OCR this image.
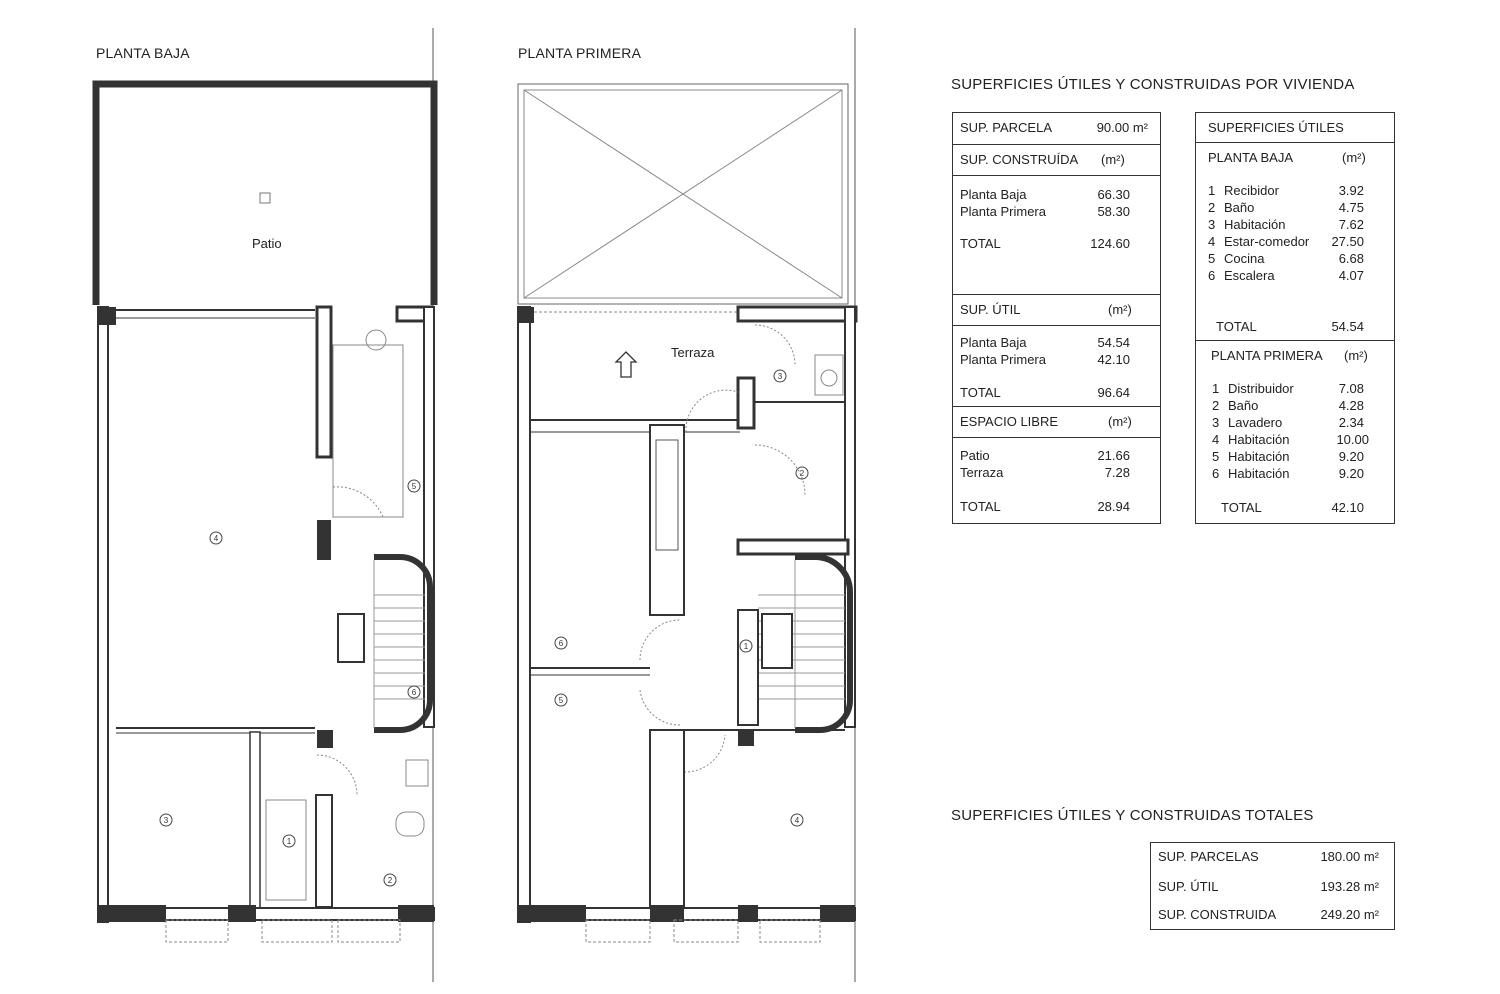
4
5
6
3
1
2
3
2
1
6
5
4
Patio
Terraza
PLANTA BAJA	PLANTA PRIMERA
SUPERFICIES ÚTILES Y CONSTRUIDAS POR VIVIENDA
SUP. PARCELA	90.00 m²
SUP. CONSTRUÍDA (m²)
Planta Baja	66.30
Planta Primera	58.30
TOTAL	124.60
SUP. ÚTIL	(m²)
Planta Baja	54.54
Planta Primera	42.10
TOTAL	96.64
ESPACIO LIBRE	(m²)
Patio	21.66
Terraza	7.28
TOTAL	28.94
SUPERFICIES ÚTILES
PLANTA BAJA	(m²)
1 Recibidor	3.92
2 Baño	4.75
3 Habitación	7.62
4 Estar-comedor 27.50
5 Cocina	6.68
6 Escalera	4.07
TOTAL	54.54
PLANTA PRIMERA (m²)
1 Distribuidor	7.08
2 Baño	4.28
3 Lavadero	2.34
4 Habitación	10.00
5 Habitación	9.20
6 Habitación	9.20
TOTAL	42.10
SUPERFICIES ÚTILES Y CONSTRUIDAS TOTALES
SUP. PARCELAS	180.00 m²
SUP. ÚTIL	193.28 m²
SUP. CONSTRUIDA	249.20 m²
